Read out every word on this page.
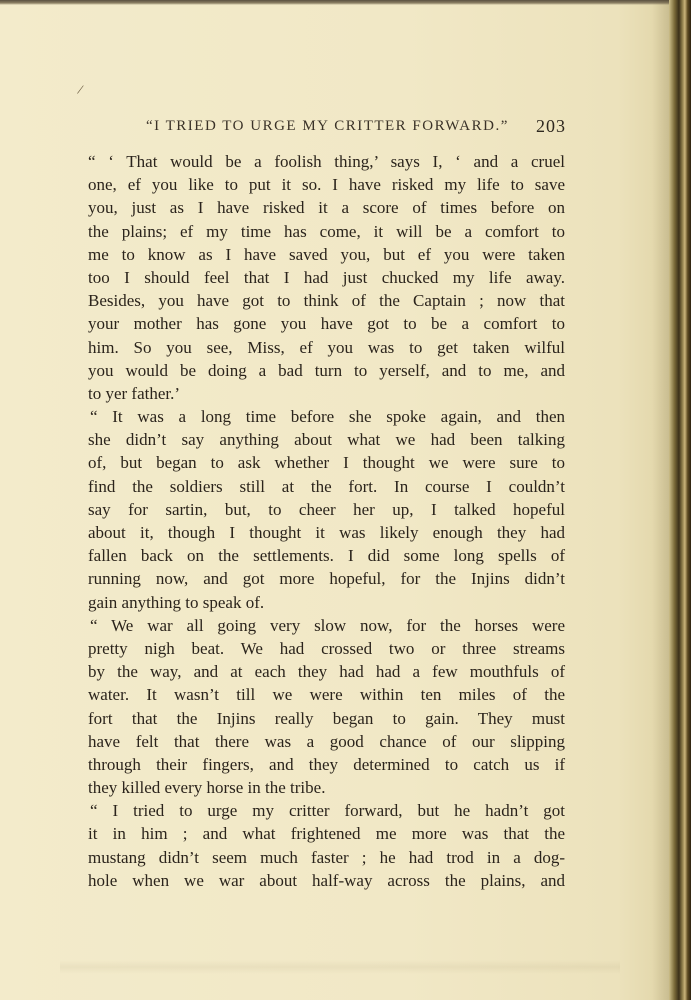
/
“I TRIED TO URGE MY CRITTER FORWARD.” 203
“ ‘ That would be a foolish thing,’ says I, ‘ and a cruel
one, ef you like to put it so. I have risked my life to save
you, just as I have risked it a score of times before on
the plains; ef my time has come, it will be a comfort to
me to know as I have saved you, but ef you were taken
too I should feel that I had just chucked my life away.
Besides, you have got to think of the Captain ; now that
your mother has gone you have got to be a comfort to
him. So you see, Miss, ef you was to get taken wilful
you would be doing a bad turn to yerself, and to me, and
to yer father.’
“ It was a long time before she spoke again, and then
she didn’t say anything about what we had been talking
of, but began to ask whether I thought we were sure to
find the soldiers still at the fort. In course I couldn’t
say for sartin, but, to cheer her up, I talked hopeful
about it, though I thought it was likely enough they had
fallen back on the settlements. I did some long spells of
running now, and got more hopeful, for the Injins didn’t
gain anything to speak of.
“ We war all going very slow now, for the horses were
pretty nigh beat. We had crossed two or three streams
by the way, and at each they had had a few mouthfuls of
water. It wasn’t till we were within ten miles of the
fort that the Injins really began to gain. They must
have felt that there was a good chance of our slipping
through their fingers, and they determined to catch us if
they killed every horse in the tribe.
“ I tried to urge my critter forward, but he hadn’t got
it in him ; and what frightened me more was that the
mustang didn’t seem much faster ; he had trod in a dog-
hole when we war about half-way across the plains, and
